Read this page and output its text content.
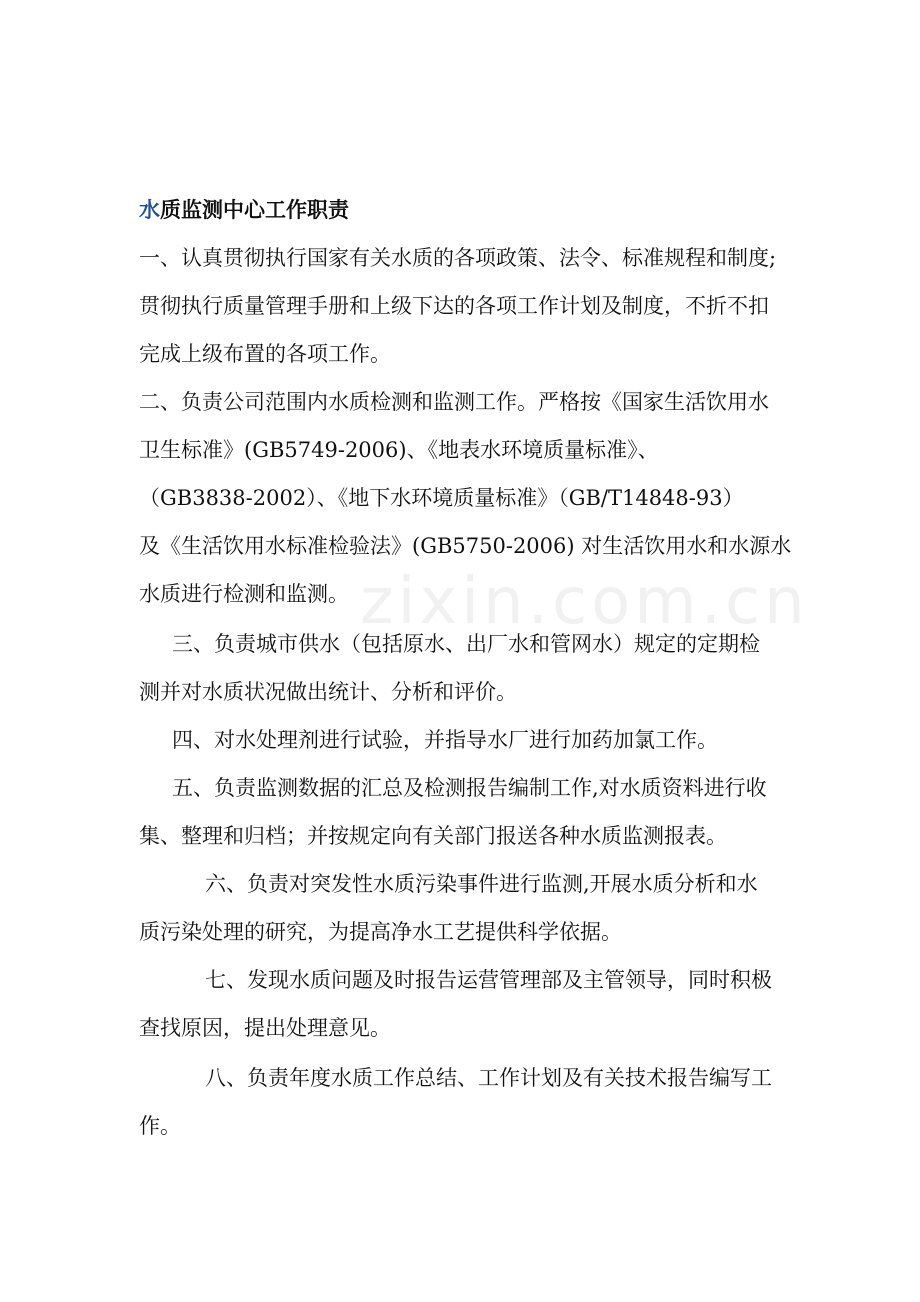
zixin.com.cn
水质监测中心工作职责
一、认真贯彻执行国家有关水质的各项政策、法令、标准规程和制度;
贯彻执行质量管理手册和上级下达的各项工作计划及制度，不折不扣
完成上级布置的各项工作。
二、负责公司范围内水质检测和监测工作。严格按《国家生活饮用水
卫生标准》(GB5749-2006)、《地表水环境质量标准》、
（GB3838-2002）、《地下水环境质量标准》（GB/T14848-93）
及《生活饮用水标准检验法》(GB5750-2006) 对生活饮用水和水源水
水质进行检测和监测。
三、负责城市供水（包括原水、出厂水和管网水）规定的定期检
测并对水质状况做出统计、分析和评价。
四、对水处理剂进行试验，并指导水厂进行加药加氯工作。
五、负责监测数据的汇总及检测报告编制工作,对水质资料进行收
集、整理和归档；并按规定向有关部门报送各种水质监测报表。
六、负责对突发性水质污染事件进行监测,开展水质分析和水
质污染处理的研究，为提高净水工艺提供科学依据。
七、发现水质问题及时报告运营管理部及主管领导，同时积极
查找原因，提出处理意见。
八、负责年度水质工作总结、工作计划及有关技术报告编写工
作。
